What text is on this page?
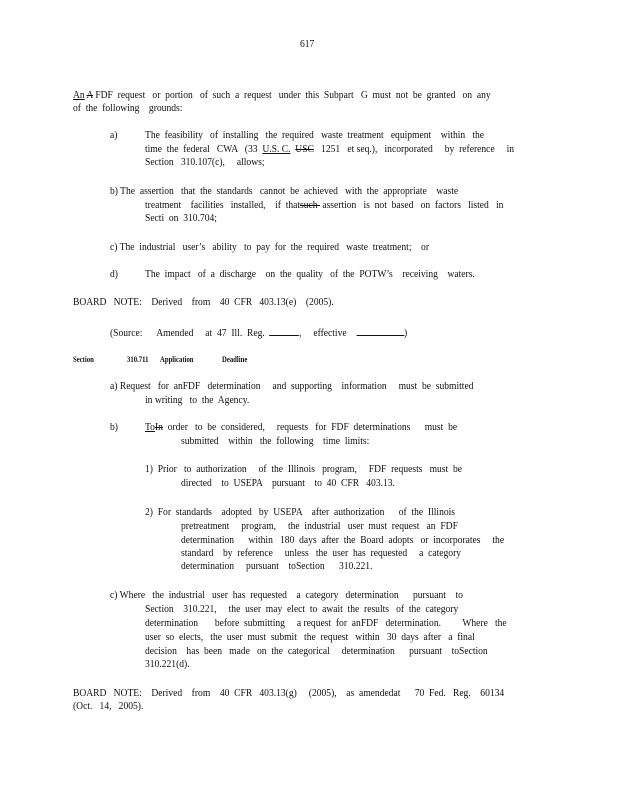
617
An A FDF  request   or  portion   of  such  a  request   under  this  Subpart   G  must  not  be  granted   on  any
of  the  following    grounds:
a)	The  feasibility   of  installing   the  required   waste  treatment   equipment    within   the
time  the  federal   CWA   (33  U.S. C. USC   1251   et seq.),   incorporated     by  reference     in
Section   310.107(c),     allows;
b) The  assertion   that  the  standards   cannot  be  achieved   with  the  appropriate    waste
treatment    facilities   installed,    if  thatsuch  assertion   is  not  based   on  factors   listed   in
Secti  on  310.704;
c) The  industrial   user’s   ability   to  pay  for  the  required   waste  treatment;    or
d)	The  impact   of  a  discharge    on  the  quality   of  the  POTW’s    receiving    waters.
BOARD   NOTE:    Derived    from    40  CFR   403.13(e)    (2005).
(Source:      Amended     at  47  Ill.  Reg.	,     effective	)
Section	310.711 Application	Deadline
a) Request   for  anFDF   determination     and  supporting    information     must  be  submitted
in writing   to  the  Agency.
b)	ToIn  order   to  be  considered,     requests   for  FDF  determinations      must  be
submitted    within   the  following    time  limits:
1)  Prior   to  authorization     of  the  Illinois   program,     FDF  requests   must  be
directed    to  USEPA    pursuant    to  40  CFR   403.13.
2)  For  standards    adopted   by  USEPA    after  authorization      of  the  Illinois
pretreatment     program,     the  industrial   user  must  request   an  FDF
determination      within   180  days  after  the  Board  adopts   or  incorporates     the
standard    by  reference     unless   the  user  has  requested     a  category
determination     pursuant    toSection      310.221.
c) Where   the  industrial   user  has  requested    a  category   determination      pursuant    to
Section    310.221,     the  user  may  elect  to  await  the  results   of  the  category
determination       before  submitting     a request  for  anFDF   determination.         Where   the
user  so  elects,   the  user  must  submit   the  request   within   30  days  after   a  final
decision    has  been   made   on  the  categorical     determination      pursuant    toSection
310.221(d).
BOARD   NOTE:    Derived    from    40  CFR   403.13(g)     (2005),    as  amendedat      70  Fed.   Reg.    60134
(Oct.   14,   2005).
